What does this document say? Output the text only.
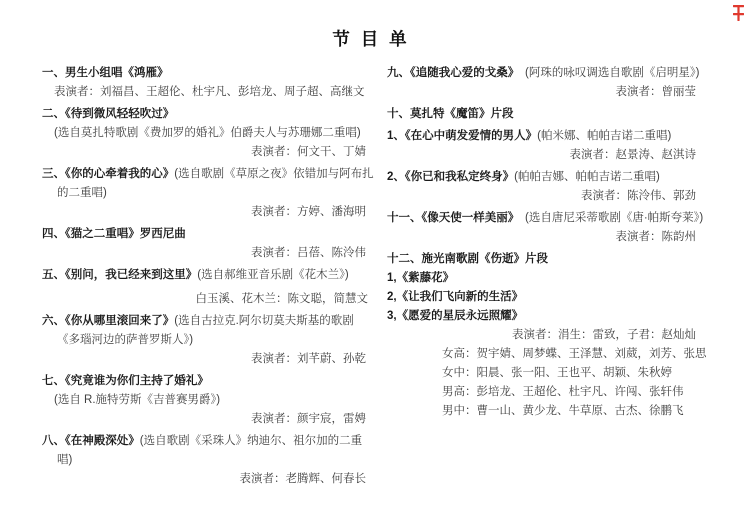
节 目 单
一、男生小组唱《鸿雁》
表演者：刘福昌、王超伦、杜宇凡、彭培龙、周子超、高继文
二、《待到微风轻轻吹过》
(选自莫扎特歌剧《费加罗的婚礼》伯爵夫人与苏珊娜二重唱)
表演者：何文干、丁婧
三、《你的心牵着我的心》(选自歌剧《草原之夜》依错加与阿布扎的二重唱)
表演者：方婷、潘海明
四、《猫之二重唱》罗西尼曲
表演者：吕蓓、陈泠伟
五、《别问，我已经来到这里》(选自郝维亚音乐剧《花木兰》)
白玉溪、花木兰：陈文聪，简慧文
六、《你从哪里滚回来了》(选自古拉克.阿尔切莫夫斯基的歌剧《多瑙河边的萨普罗斯人》)
表演者：刘芊蔚、孙乾
七、《究竟谁为你们主持了婚礼》
(选自 R.施特劳斯《吉普赛男爵》)
表演者：颜宇宸，雷娉
八、《在神殿深处》(选自歌剧《采珠人》纳迪尔、祖尔加的二重唱)
表演者：老腾辉、何春长
九、《追随我心爱的戈桑》　(阿珠的咏叹调选自歌剧《启明星》)
表演者：曾丽莹
十、莫扎特《魔笛》片段
1、《在心中萌发爱情的男人》(帕米娜、帕帕吉诺二重唱)
表演者：赵景涛、赵淇诗
2、《你已和我私定终身》(帕帕吉娜、帕帕吉诺二重唱)
表演者：陈泠伟、郭劲
十一、《像天使一样美丽》　(选自唐尼采蒂歌剧《唐·帕斯夸莱》)
表演者：陈韵州
十二、施光南歌剧《伤逝》片段
1,《紫藤花》
2,《让我们飞向新的生活》
3,《愿爱的星辰永远照耀》
表演者：涓生：雷致，子君：赵灿灿
女高：贺宇婧、周梦蝶、王泽慧、刘葳，刘芳、张思
女中：阳晨、张一阳、王也平、胡颖、朱秋婷
男高：彭培龙、王超伦、杜宇凡、许闯、张轩伟
男中：曹一山、黄少龙、牛草原、古杰、徐鹏飞
